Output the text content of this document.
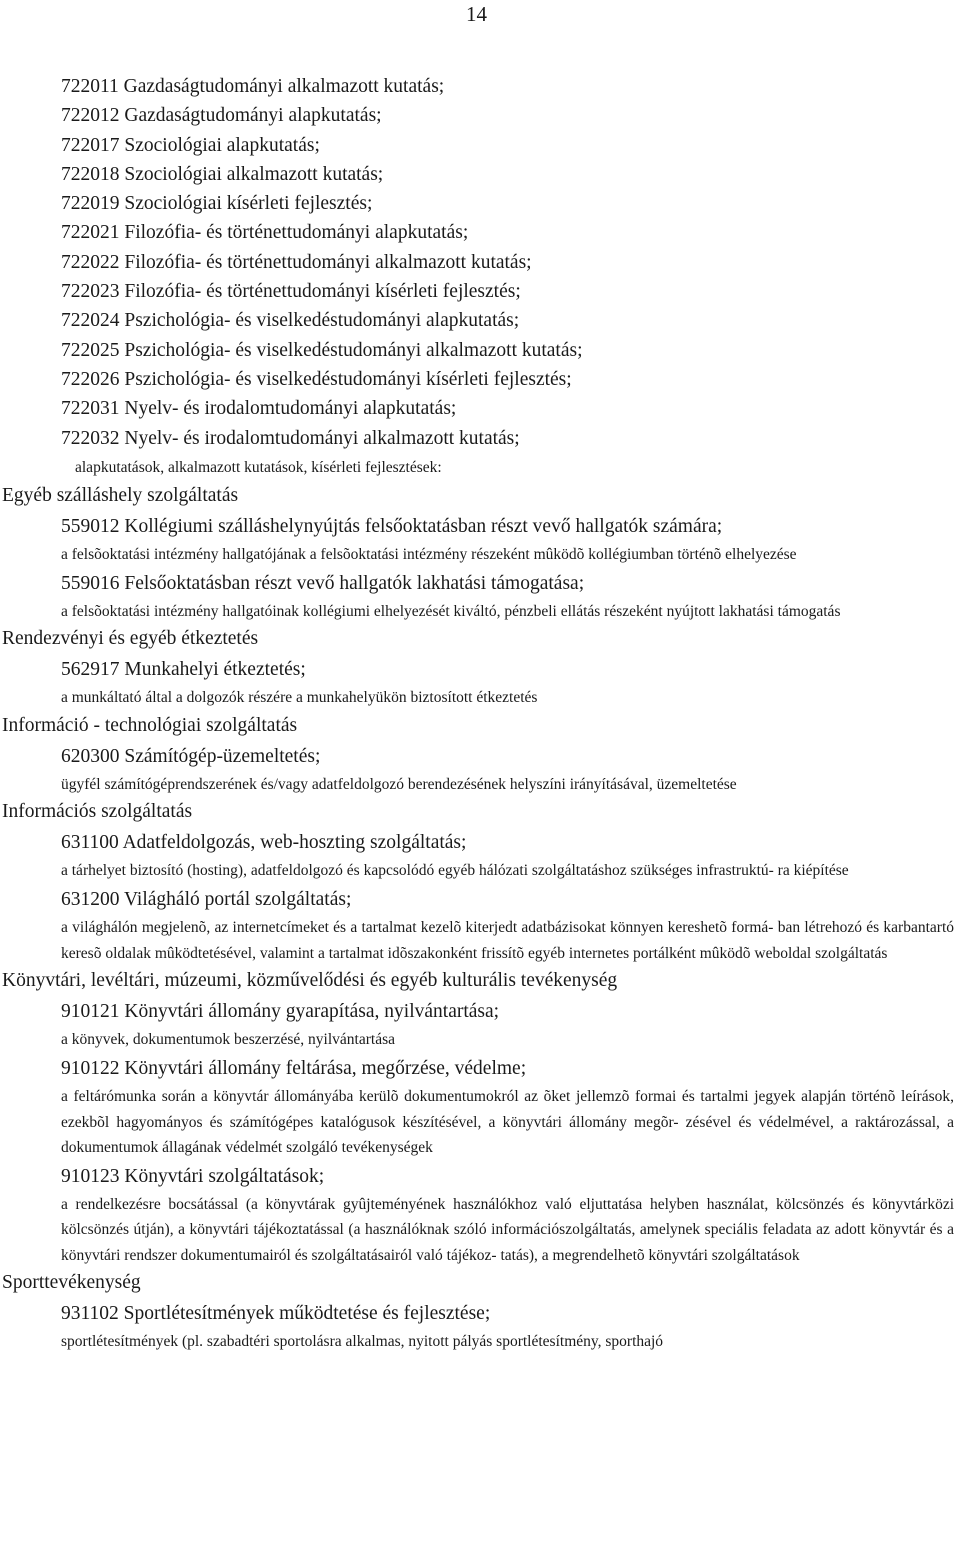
14
722011 Gazdaságtudományi alkalmazott kutatás;
722012 Gazdaságtudományi alapkutatás;
722017 Szociológiai alapkutatás;
722018 Szociológiai alkalmazott kutatás;
722019 Szociológiai kísérleti fejlesztés;
722021 Filozófia- és történettudományi alapkutatás;
722022 Filozófia- és történettudományi alkalmazott kutatás;
722023 Filozófia- és történettudományi kísérleti fejlesztés;
722024 Pszichológia- és viselkedéstudományi alapkutatás;
722025 Pszichológia- és viselkedéstudományi alkalmazott kutatás;
722026 Pszichológia- és viselkedéstudományi kísérleti fejlesztés;
722031 Nyelv- és irodalomtudományi alapkutatás;
722032 Nyelv- és irodalomtudományi alkalmazott kutatás;
alapkutatások, alkalmazott kutatások, kísérleti fejlesztések:
Egyéb szálláshely szolgáltatás
559012 Kollégiumi szálláshelynyújtás felsőoktatásban részt vevő hallgatók számára;
a felsõoktatási intézmény hallgatójának a felsõoktatási intézmény részeként mûködõ kollégiumban történõ elhelyezése
559016 Felsőoktatásban részt vevő hallgatók lakhatási támogatása;
a felsõoktatási intézmény hallgatóinak kollégiumi elhelyezését kiváltó, pénzbeli ellátás részeként nyújtott lakhatási támogatás
Rendezvényi és egyéb étkeztetés
562917 Munkahelyi étkeztetés;
a munkáltató által a dolgozók részére a munkahelyükön biztosított étkeztetés
Információ - technológiai szolgáltatás
620300 Számítógép-üzemeltetés;
ügyfél számítógéprendszerének és/vagy adatfeldolgozó berendezésének helyszíni irányításával, üzemeltetése
Információs szolgáltatás
631100 Adatfeldolgozás, web-hoszting szolgáltatás;
a tárhelyet biztosító (hosting), adatfeldolgozó és kapcsolódó egyéb hálózati szolgáltatáshoz szükséges infrastruktú- ra kiépítése
631200 Világháló portál szolgáltatás;
a világhálón megjelenõ, az internetcímeket és a tartalmat kezelõ kiterjedt adatbázisokat könnyen kereshetõ formá- ban létrehozó és karbantartó keresõ oldalak mûködtetésével, valamint a tartalmat idõszakonként frissítõ egyéb internetes portálként mûködõ weboldal szolgáltatás
Könyvtári, levéltári, múzeumi, közművelődési és egyéb kulturális tevékenység
910121 Könyvtári állomány gyarapítása, nyilvántartása;
a könyvek, dokumentumok beszerzésé, nyilvántartása
910122 Könyvtári állomány feltárása, megőrzése, védelme;
a feltárómunka során a könyvtár állományába kerülõ dokumentumokról az õket jellemzõ formai és tartalmi jegyek alapján történõ leírások, ezekbõl hagyományos és számítógépes katalógusok készítésével, a könyvtári állomány megõr- zésével és védelmével, a raktározással, a dokumentumok állagának védelmét szolgáló tevékenységek
910123 Könyvtári szolgáltatások;
a rendelkezésre bocsátással (a könyvtárak gyûjteményének használókhoz való eljuttatása helyben használat, kölcsönzés és könyvtárközi kölcsönzés útján), a könyvtári tájékoztatással (a használóknak szóló információszolgáltatás, amelynek speciális feladata az adott könyvtár és a könyvtári rendszer dokumentumairól és szolgáltatásairól való tájékoz- tatás), a megrendelhetõ könyvtári szolgáltatások
Sporttevékenység
931102 Sportlétesítmények működtetése és fejlesztése;
sportlétesítmények (pl. szabadtéri sportolásra alkalmas, nyitott pályás sportlétesítmény, sporthajó
